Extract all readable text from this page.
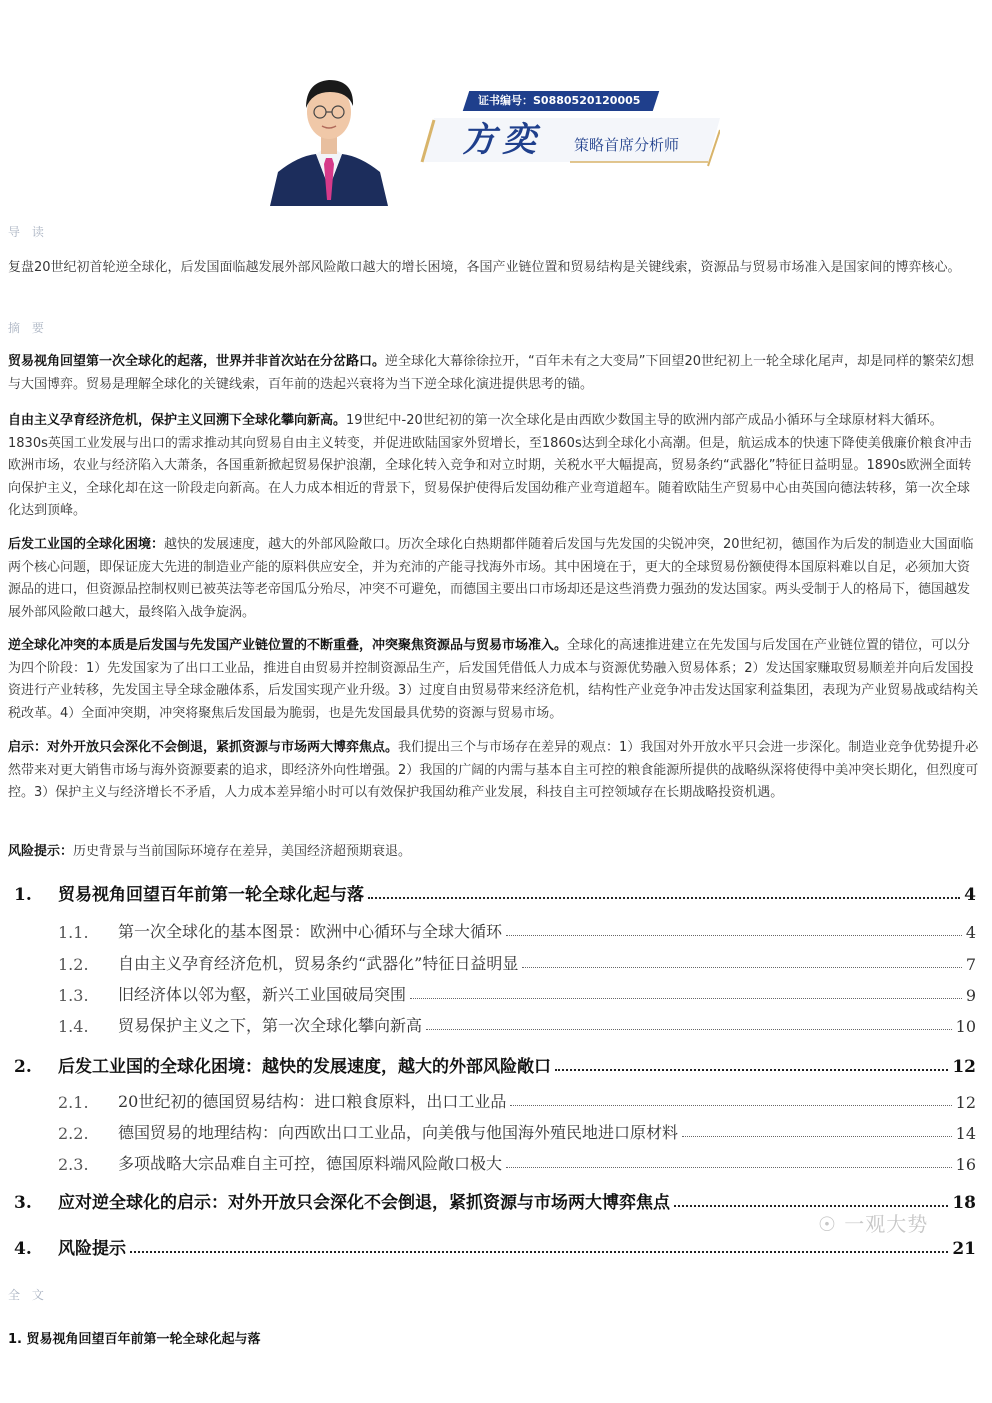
证书编号：S0880520120005
方奕 策略首席分析师
导 读
复盘20世纪初首轮逆全球化，后发国面临越发展外部风险敞口越大的增长困境，各国产业链位置和贸易结构是关键线索，资源品与贸易市场准入是国家间的博弈核心。
摘 要
贸易视角回望第一次全球化的起落，世界并非首次站在分岔路口。逆全球化大幕徐徐拉开，“百年未有之大变局”下回望20世纪初上一轮全球化尾声，却是同样的繁荣幻想与大国博弈。贸易是理解全球化的关键线索，百年前的迭起兴衰将为当下逆全球化演进提供思考的锚。
自由主义孕育经济危机，保护主义回溯下全球化攀向新高。19世纪中-20世纪初的第一次全球化是由西欧少数国主导的欧洲内部产成品小循环与全球原材料大循环。1830s英国工业发展与出口的需求推动其向贸易自由主义转变，并促进欧陆国家外贸增长，至1860s达到全球化小高潮。但是，航运成本的快速下降使美俄廉价粮食冲击欧洲市场，农业与经济陷入大萧条，各国重新掀起贸易保护浪潮，全球化转入竞争和对立时期，关税水平大幅提高，贸易条约“武器化”特征日益明显。1890s欧洲全面转向保护主义，全球化却在这一阶段走向新高。在人力成本相近的背景下，贸易保护使得后发国幼稚产业弯道超车。随着欧陆生产贸易中心由英国向德法转移，第一次全球化达到顶峰。
后发工业国的全球化困境：越快的发展速度，越大的外部风险敞口。历次全球化白热期都伴随着后发国与先发国的尖锐冲突，20世纪初，德国作为后发的制造业大国面临两个核心问题，即保证庞大先进的制造业产能的原料供应安全，并为充沛的产能寻找海外市场。其中困境在于，更大的全球贸易份额使得本国原料难以自足，必须加大资源品的进口，但资源品控制权则已被英法等老帝国瓜分殆尽，冲突不可避免，而德国主要出口市场却还是这些消费力强劲的发达国家。两头受制于人的格局下，德国越发展外部风险敞口越大，最终陷入战争旋涡。
逆全球化冲突的本质是后发国与先发国产业链位置的不断重叠，冲突聚焦资源品与贸易市场准入。全球化的高速推进建立在先发国与后发国在产业链位置的错位，可以分为四个阶段：1）先发国家为了出口工业品，推进自由贸易并控制资源品生产，后发国凭借低人力成本与资源优势融入贸易体系；2）发达国家赚取贸易顺差并向后发国投资进行产业转移，先发国主导全球金融体系，后发国实现产业升级。3）过度自由贸易带来经济危机，结构性产业竞争冲击发达国家利益集团，表现为产业贸易战或结构关税改革。4）全面冲突期，冲突将聚焦后发国最为脆弱，也是先发国最具优势的资源与贸易市场。
启示：对外开放只会深化不会倒退，紧抓资源与市场两大博弈焦点。我们提出三个与市场存在差异的观点：1）我国对外开放水平只会进一步深化。制造业竞争优势提升必然带来对更大销售市场与海外资源要素的追求，即经济外向性增强。2）我国的广阔的内需与基本自主可控的粮食能源所提供的战略纵深将使得中美冲突长期化，但烈度可控。3）保护主义与经济增长不矛盾，人力成本差异缩小时可以有效保护我国幼稚产业发展，科技自主可控领域存在长期战略投资机遇。
风险提示：历史背景与当前国际环境存在差异，美国经济超预期衰退。
1.	贸易视角回望百年前第一轮全球化起与落	4
1.1.	第一次全球化的基本图景：欧洲中心循环与全球大循环	4
1.2.	自由主义孕育经济危机，贸易条约“武器化”特征日益明显	7
1.3.	旧经济体以邻为壑，新兴工业国破局突围	9
1.4.	贸易保护主义之下，第一次全球化攀向新高	10
2.	后发工业国的全球化困境：越快的发展速度，越大的外部风险敞口	12
2.1.	20世纪初的德国贸易结构：进口粮食原料，出口工业品	12
2.2.	德国贸易的地理结构：向西欧出口工业品，向美俄与他国海外殖民地进口原材料	14
2.3.	多项战略大宗品难自主可控，德国原料端风险敞口极大	16
3.	应对逆全球化的启示：对外开放只会深化不会倒退，紧抓资源与市场两大博弈焦点	18
4.	风险提示	21
☉ 一观大势
全 文
1. 贸易视角回望百年前第一轮全球化起与落
